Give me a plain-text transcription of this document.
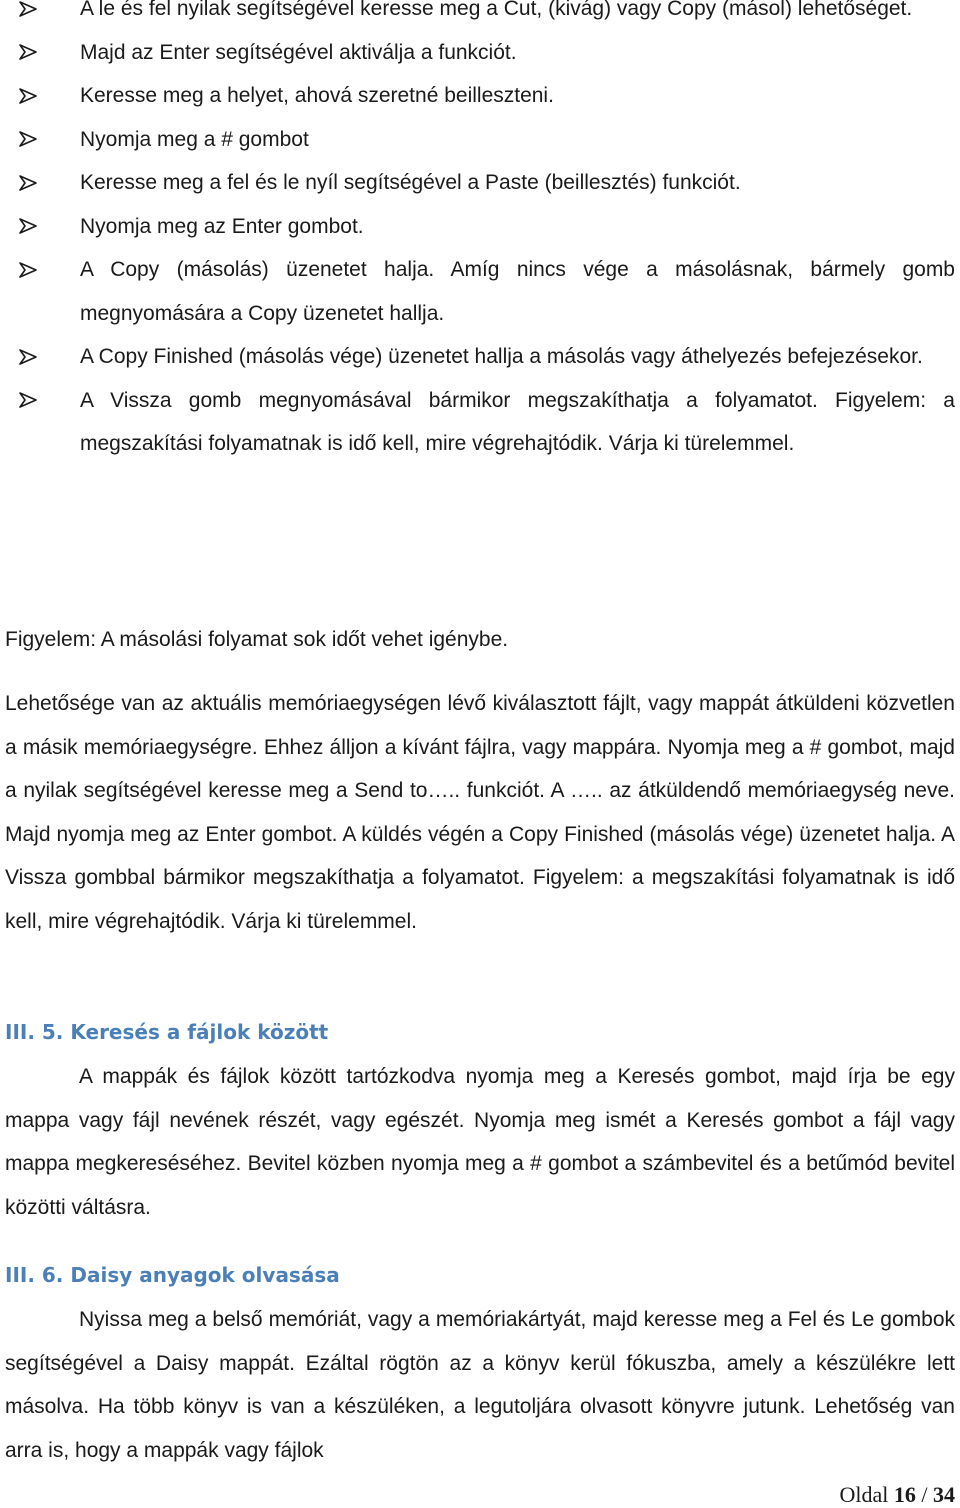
A le és fel nyilak segítségével keresse meg a Cut, (kivág) vagy Copy (másol) lehetőséget.
Majd az Enter segítségével aktiválja a funkciót.
Keresse meg a helyet, ahová szeretné beilleszteni.
Nyomja meg a # gombot
Keresse meg a fel és le nyíl segítségével a Paste (beillesztés) funkciót.
Nyomja meg az Enter gombot.
A Copy (másolás) üzenetet halja. Amíg nincs vége a másolásnak, bármely gomb megnyomására a Copy üzenetet hallja.
A Copy Finished (másolás vége) üzenetet hallja a másolás vagy áthelyezés befejezésekor.
A Vissza gomb megnyomásával bármikor megszakíthatja a folyamatot. Figyelem: a megszakítási folyamatnak is idő kell, mire végrehajtódik. Várja ki türelemmel.

Figyelem: A másolási folyamat sok időt vehet igénybe.

Lehetősége van az aktuális memóriaegységen lévő kiválasztott fájlt, vagy mappát átküldeni közvetlen a másik memóriaegységre. Ehhez álljon a kívánt fájlra, vagy mappára. Nyomja meg a # gombot, majd a nyilak segítségével keresse meg a Send to….. funkciót. A ….. az átküldendő memóriaegység neve. Majd nyomja meg az Enter gombot. A küldés végén a Copy Finished (másolás vége) üzenetet halja. A Vissza gombbal bármikor megszakíthatja a folyamatot. Figyelem: a megszakítási folyamatnak is idő kell, mire végrehajtódik. Várja ki türelemmel.

III. 5. Keresés a fájlok között

A mappák és fájlok között tartózkodva nyomja meg a Keresés gombot, majd írja be egy mappa vagy fájl nevének részét, vagy egészét. Nyomja meg ismét a Keresés gombot a fájl vagy mappa megkereséséhez. Bevitel közben nyomja meg a # gombot a számbevitel és a betűmód bevitel közötti váltásra.

III. 6. Daisy anyagok olvasása

Nyissa meg a belső memóriát, vagy a memóriakártyát, majd keresse meg a Fel és Le gombok segítségével a Daisy mappát. Ezáltal rögtön az a könyv kerül fókuszba, amely a készülékre lett másolva. Ha több könyv is van a készüléken, a legutoljára olvasott könyvre jutunk. Lehetőség van arra is, hogy a mappák vagy fájlok

Oldal 16 / 34
